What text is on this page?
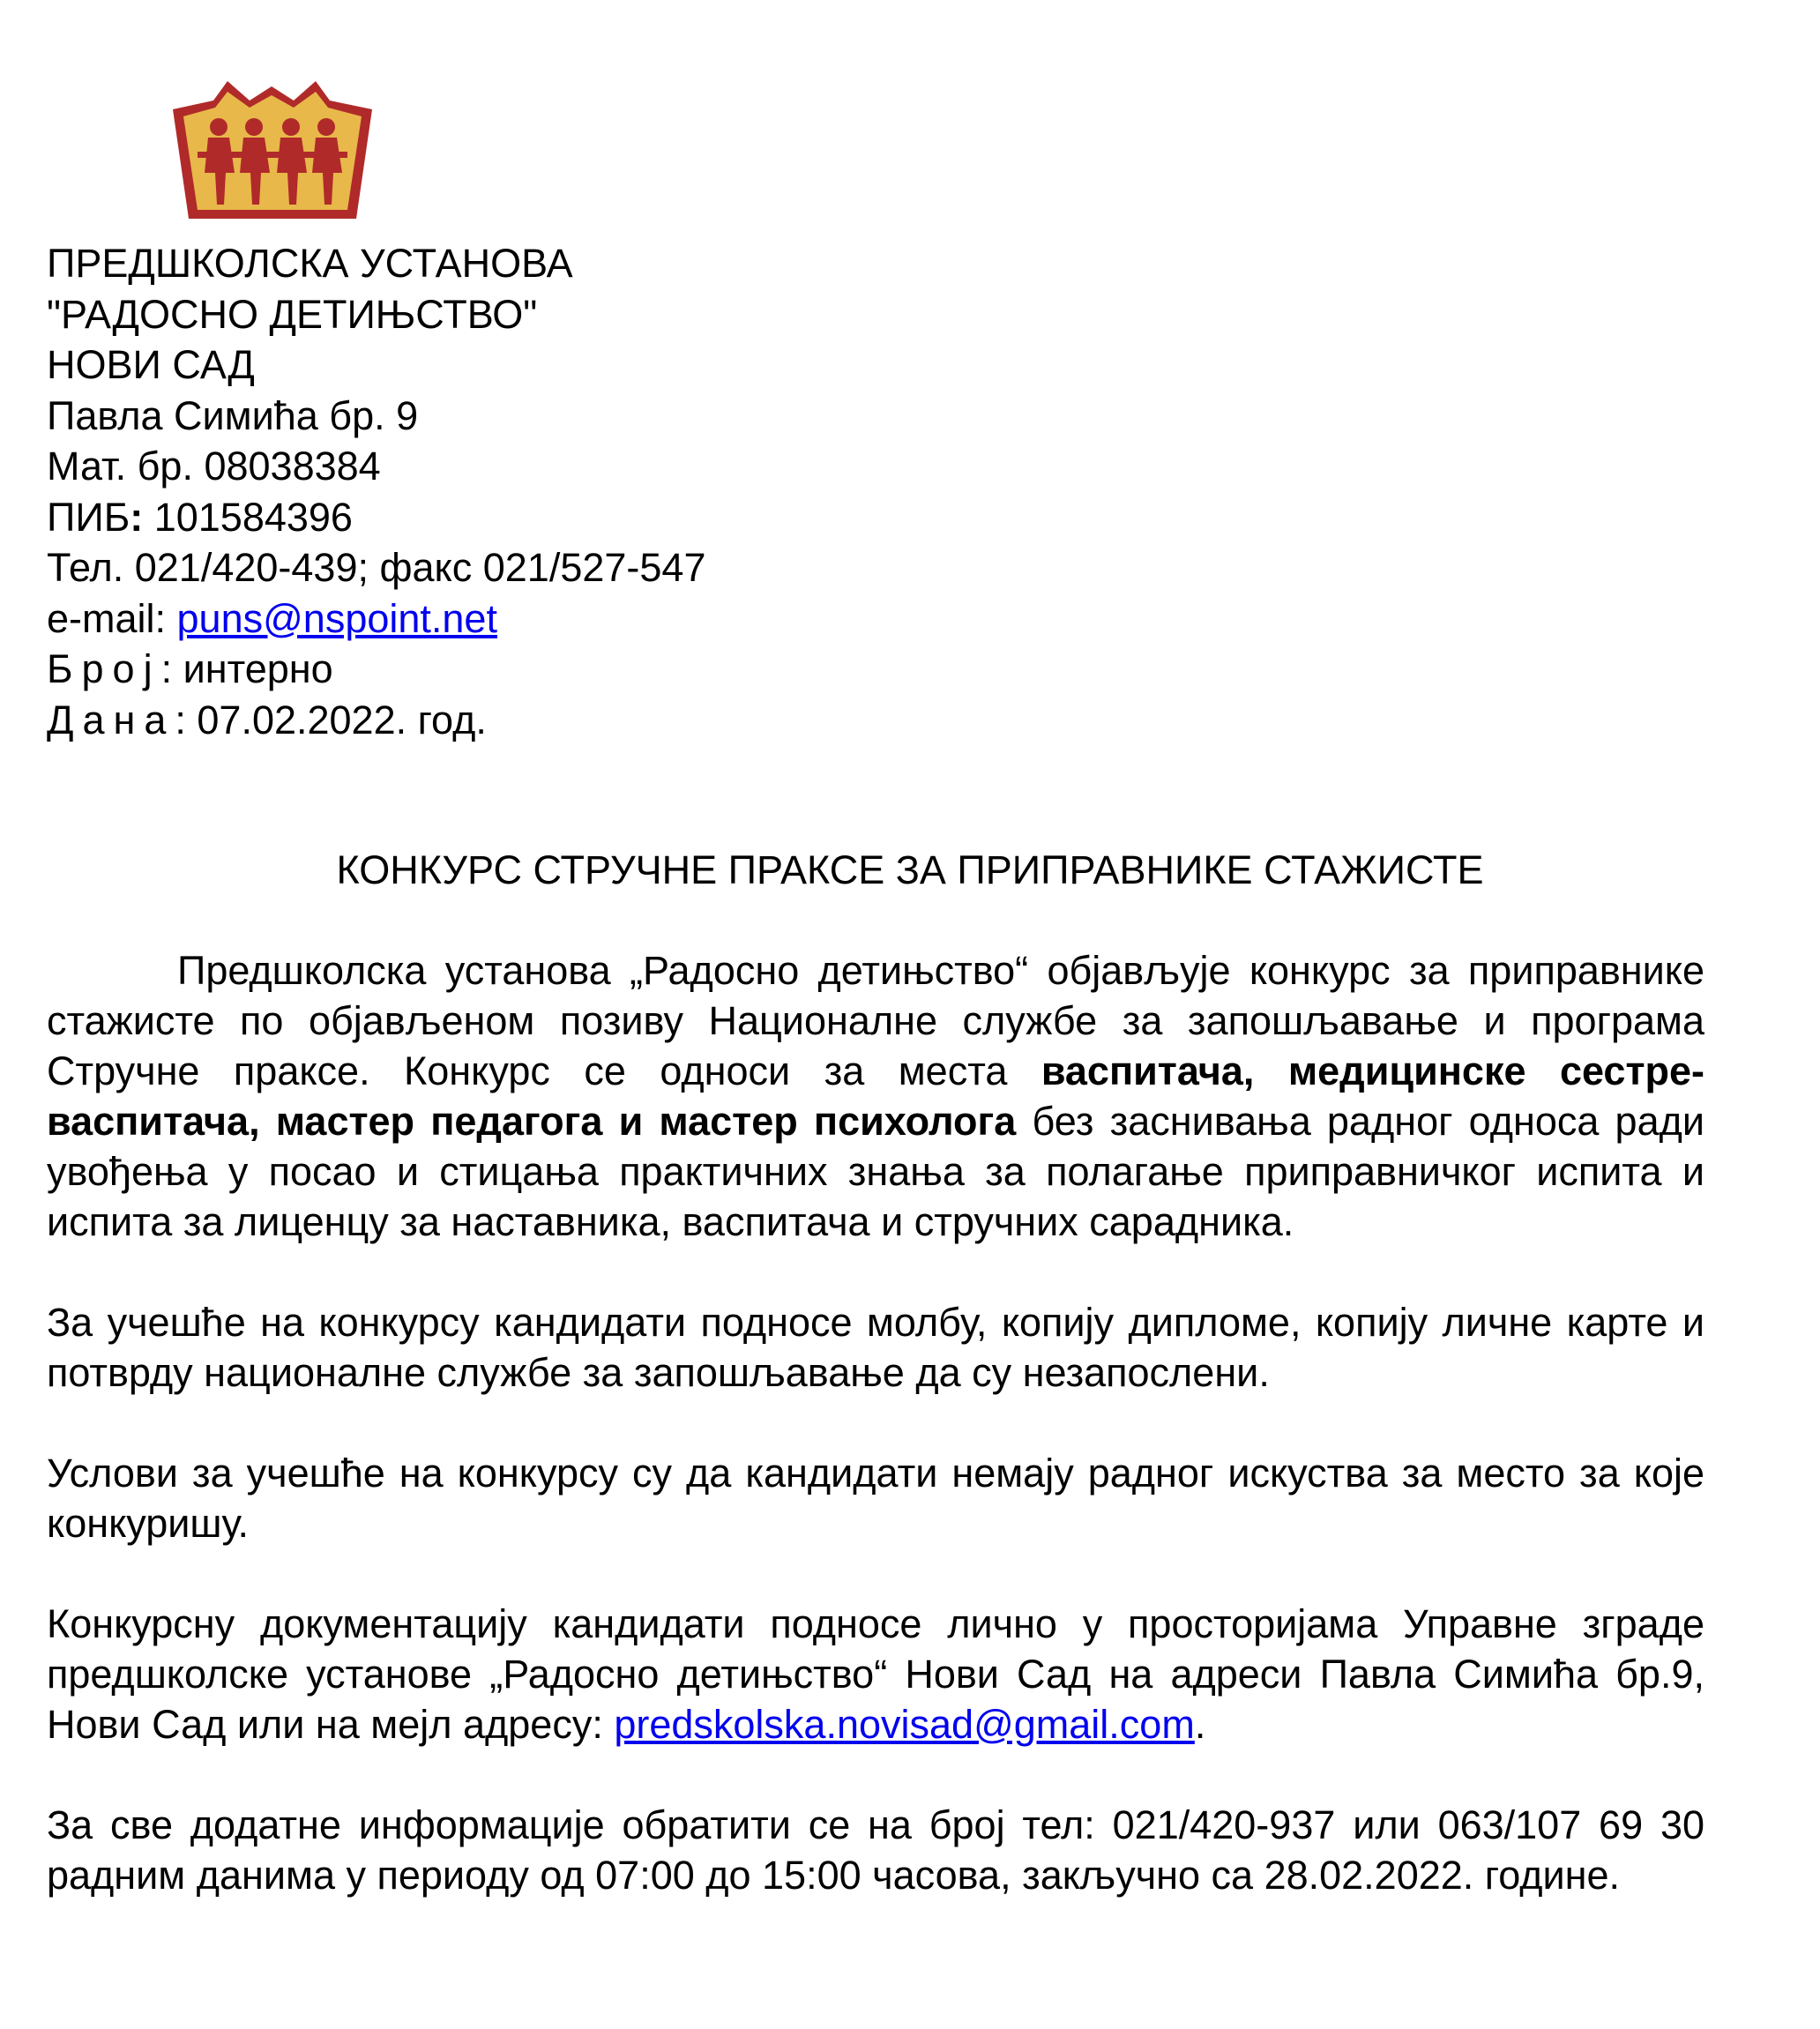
ПРЕДШКОЛСКА УСТАНОВА
"РАДОСНО ДЕТИЊСТВО"
НОВИ САД
Павла Симића бр. 9
Мат. бр. 08038384
ПИБ: 101584396
Тел. 021/420-439; факс 021/527-547
e-mail: puns@nspoint.net
Број: интерно
Дана: 07.02.2022. год.
КОНКУРС СТРУЧНЕ ПРАКСЕ ЗА ПРИПРАВНИКЕ СТАЖИСТЕ

Предшколска установа „Радосно детињство“ објављује конкурс за приправнике стажисте по објављеном позиву Националне службе за запошљавање и програма Стручне праксе. Конкурс се односи за места васпитача, медицинске сестре-васпитача, мастер педагога и мастер психолога без заснивања радног односа ради увођења у посао и стицања практичних знања за полагање приправничког испита и испита за лиценцу за наставника, васпитача и стручних сарадника.

За учешће на конкурсу кандидати подносе молбу, копију дипломе, копију личне карте и потврду националне службе за запошљавање да су незапослени.

Услови за учешће на конкурсу су да кандидати немају радног искуства за место за које конкуришу.

Конкурсну документацију кандидати подносе лично у просторијама Управне зграде предшколске установе „Радосно детињство“ Нови Сад на адреси Павла Симића бр.9, Нови Сад или на мејл адресу: predskolska.novisad@gmail.com.

За све додатне информације обратити се на број тел: 021/420-937 или 063/107 69 30 радним данима у периоду од 07:00 до 15:00 часова, закључно са 28.02.2022. године.
